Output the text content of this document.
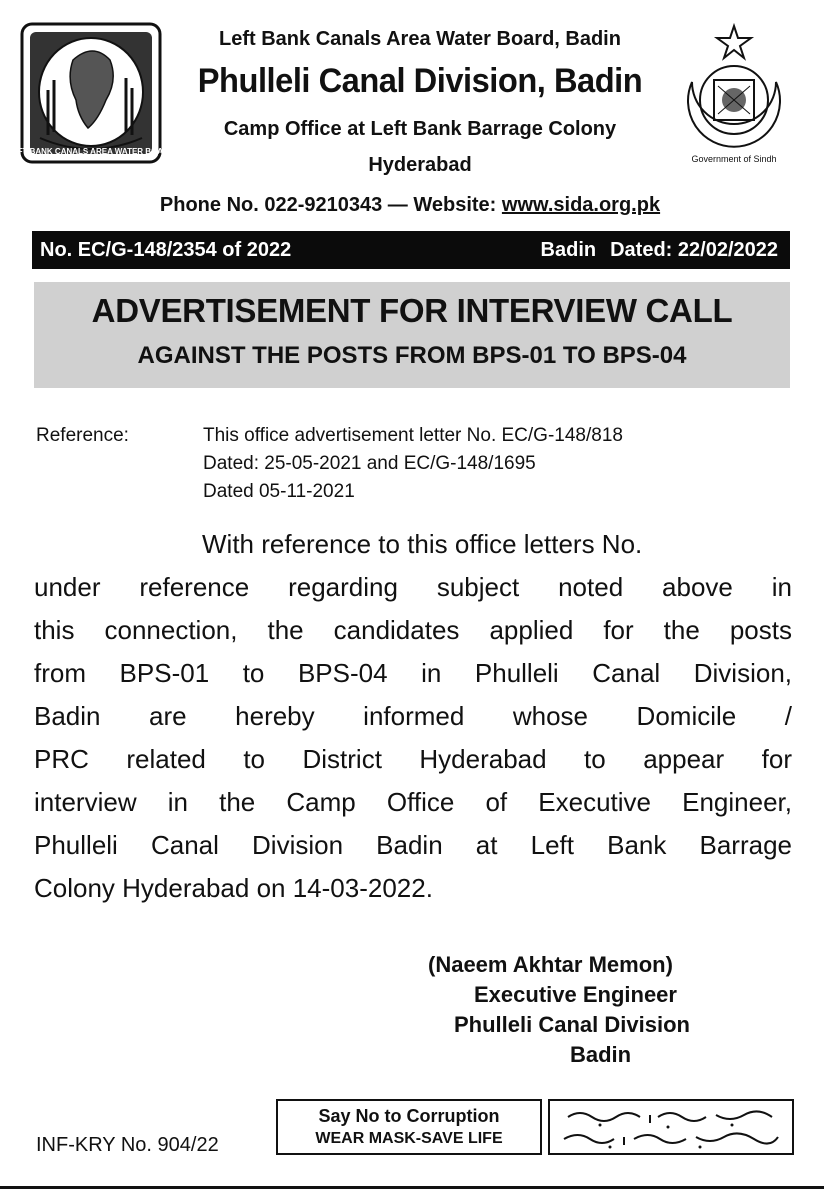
LEFT BANK CANALS AREA WATER BOARD
Government of Sindh
Left Bank Canals Area Water Board, Badin
Phulleli Canal Division, Badin
Camp Office at Left Bank Barrage Colony
Hyderabad
Phone No. 022-9210343 — Website: www.sida.org.pk
No. EC/G-148/2354 of 2022	Badin Dated: 22/02/2022
ADVERTISEMENT FOR INTERVIEW CALL
AGAINST THE POSTS FROM BPS-01 TO BPS-04
Reference:	This office advertisement letter No. EC/G-148/818
Dated: 25-05-2021 and EC/G-148/1695
Dated 05-11-2021
With reference to this office letters No.
under reference regarding subject noted above in
this connection, the candidates applied for the posts
from BPS-01 to BPS-04 in Phulleli Canal Division,
Badin are hereby informed whose Domicile /
PRC related to District Hyderabad to appear for
interview in the Camp Office of Executive Engineer,
Phulleli Canal Division Badin at Left Bank Barrage
Colony Hyderabad on 14-03-2022.
(Naeem Akhtar Memon)
Executive Engineer
Phulleli Canal Division
Badin
INF-KRY No. 904/22
Say No to Corruption
WEAR MASK-SAVE LIFE
